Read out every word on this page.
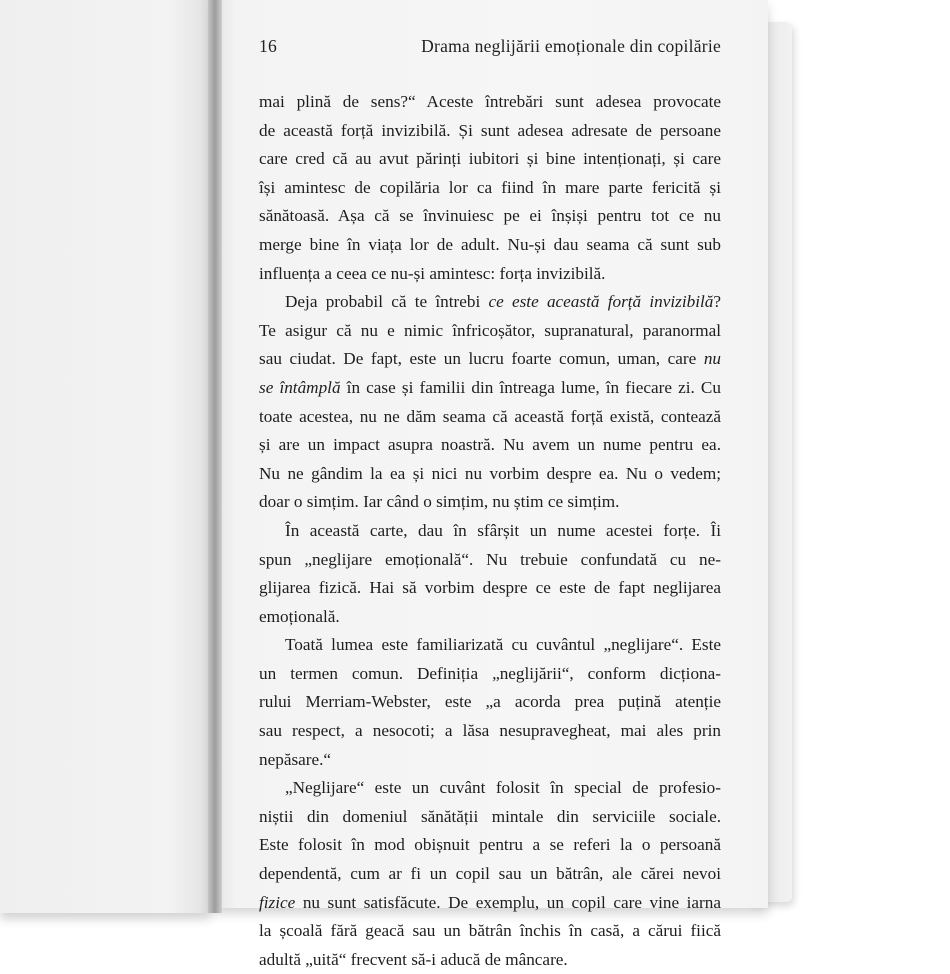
16	Drama neglijării emoționale din copilărie
mai plină de sens?“ Aceste întrebări sunt adesea provocate
de această forță invizibilă. Și sunt adesea adresate de persoane
care cred că au avut părinți iubitori și bine intenționați, și care
își amintesc de copilăria lor ca fiind în mare parte fericită și
sănătoasă. Așa că se învinuiesc pe ei înșiși pentru tot ce nu
merge bine în viața lor de adult. Nu-și dau seama că sunt sub
influența a ceea ce nu-și amintesc: forța invizibilă.
Deja probabil că te întrebi ce este această forță invizibilă?
Te asigur că nu e nimic înfricoșător, supranatural, paranormal
sau ciudat. De fapt, este un lucru foarte comun, uman, care nu
se întâmplă în case și familii din întreaga lume, în fiecare zi. Cu
toate acestea, nu ne dăm seama că această forță există, contează
și are un impact asupra noastră. Nu avem un nume pentru ea.
Nu ne gândim la ea și nici nu vorbim despre ea. Nu o vedem;
doar o simțim. Iar când o simțim, nu știm ce simțim.
În această carte, dau în sfârșit un nume acestei forțe. Îi
spun „neglijare emoțională“. Nu trebuie confundată cu ne-
glijarea fizică. Hai să vorbim despre ce este de fapt neglijarea
emoțională.
Toată lumea este familiarizată cu cuvântul „neglijare“. Este
un termen comun. Definiția „neglijării“, conform dicționa-
rului Merriam-Webster, este „a acorda prea puțină atenție
sau respect, a nesocoti; a lăsa nesupravegheat, mai ales prin
nepăsare.“
„Neglijare“ este un cuvânt folosit în special de profesio-
niștii din domeniul sănătății mintale din serviciile sociale.
Este folosit în mod obișnuit pentru a se referi la o persoană
dependentă, cum ar fi un copil sau un bătrân, ale cărei nevoi
fizice nu sunt satisfăcute. De exemplu, un copil care vine iarna
la școală fără geacă sau un bătrân închis în casă, a cărui fiică
adultă „uită“ frecvent să-i aducă de mâncare.
